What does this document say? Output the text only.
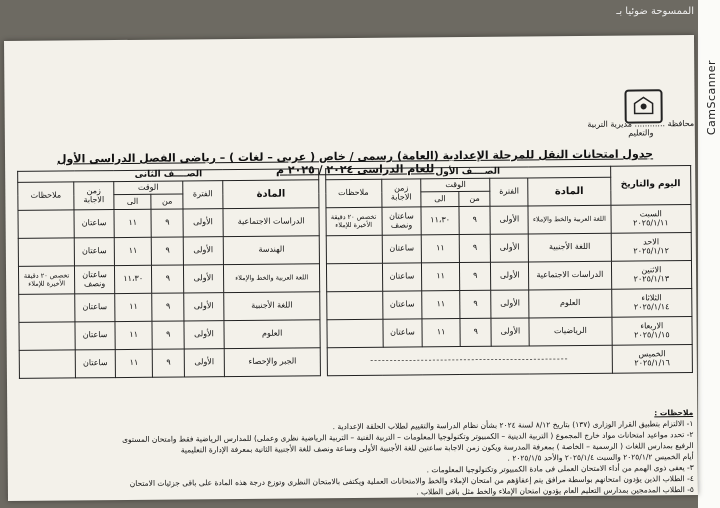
CamScanner
الممسوحة ضوئيا بـ
محافظة ............ مديرية التربية والتعليم
جدول امتحانات النقل للمرحلة الإعدادية (العامة) رسمى / خاص ( عربى – لغات ) – رياضى الفصل الدراسى الأول للعام الدراسى ٢٠٢٤ / ٢٠٢٥ م
اليوم والتاريخ	الصــــف الأول							الصــــف الثانى					
	المادة	الفترة	الوقت		زمن الاجابة	ملاحظات		المادة	الفترة	الوقت		زمن الاجابة	ملاحظات
			من	الى						من	الى		
السبت
٢٠٢٥/١/١١	اللغة العربية والخط والإملاء	الأولى	٩	١١،٣٠	ساعتان ونصف	تخصص ٢٠ دقيقة الأخيرة للإملاء		الدراسات الاجتماعية	الأولى	٩	١١	ساعتان	
الاحد
٢٠٢٥/١/١٢	اللغة الأجنبية	الأولى	٩	١١	ساعتان			الهندسة	الأولى	٩	١١	ساعتان	
الاثنين
٢٠٢٥/١/١٣	الدراسات الاجتماعية	الأولى	٩	١١	ساعتان			اللغة العربية والخط والإملاء	الأولى	٩	١١،٣٠	ساعتان ونصف	تخصص ٢٠ دقيقة الأخيرة للإملاء
الثلاثاء
٢٠٢٥/١/١٤	العلوم	الأولى	٩	١١	ساعتان			اللغة الأجنبية	الأولى	٩	١١	ساعتان	
الاربعاء
٢٠٢٥/١/١٥	الرياضيات	الأولى	٩	١١	ساعتان			العلوم	الأولى	٩	١١	ساعتان	
الخميس
٢٠٢٥/١/١٦	---------------------------------------------------							الجبر والإحصاء	الأولى	٩	١١	ساعتان	
ملاحظات :
١- الالتزام بتطبيق القرار الوزارى (١٣٧) بتاريخ ٨/١٢ لسنة ٢٠٢٤ بشأن نظام الدراسة والتقييم لطلاب الحلقة الإعدادية .
٢- تحدد مواعيد امتحانات مواد خارج المجموع ( التربية الدينية – الكمبيوتر وتكنولوجيا المعلومات – التربية الفنية – التربية الرياضية نظرى وعملى) للمدارس الرياضية فقط وامتحان المستوى
الرفيع بمدارس اللغات ( الرسمية – الخاصة ) بمعرفة المدرسة ويكون زمن الاجابة ساعتين للغة الأجنبية الأولى وساعة ونصف للغة الأجنبية الثانية بمعرفة الإدارة التعليمية
أيام الخميس ٢٠٢٥/١/٢ والسبت ٢٠٢٥/١/٤ والأحد ٢٠٢٥/١/٥ .
٣- يعفى ذوى الهمم من أداء الامتحان العملى فى مادة الكمبيوتر وتكنولوجيا المعلومات .
٤- الطلاب الذين يؤدون امتحانهم بواسطة مرافق يتم إعفاؤهم من امتحان الإملاء والخط والامتحانات العملية ويكتفى بالامتحان النظرى وتوزع درجة هذه المادة على باقى جزئيات الامتحان
٥- الطلاب المدمجين بمدارس التعليم العام يؤدون امتحان الإملاء والخط مثل باقى الطلاب .
